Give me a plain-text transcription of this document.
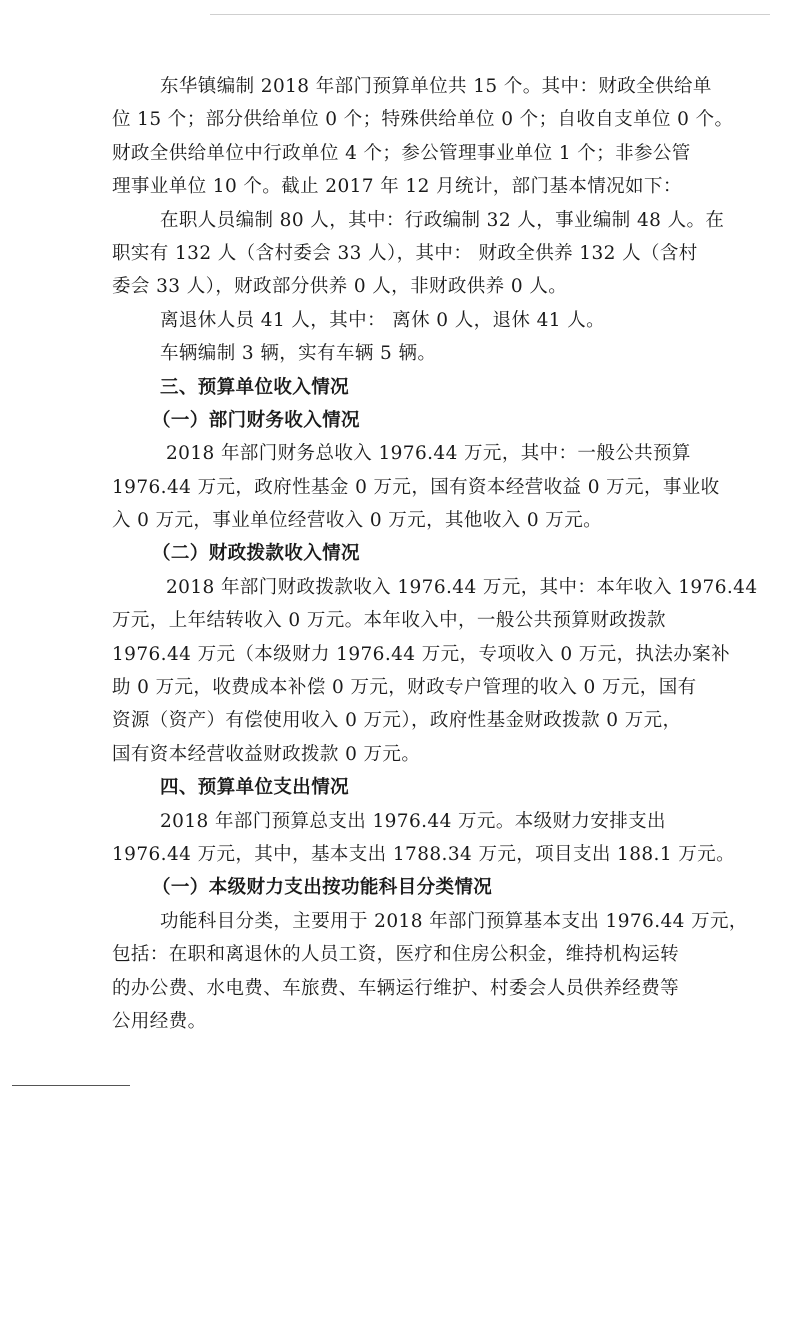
东华镇编制 2018 年部门预算单位共 15 个。其中：财政全供给单
位 15 个；部分供给单位 0 个；特殊供给单位 0 个；自收自支单位 0 个。
财政全供给单位中行政单位 4 个；参公管理事业单位 1 个；非参公管
理事业单位 10 个。截止 2017 年 12 月统计，部门基本情况如下：
在职人员编制 80 人，其中：行政编制 32 人，事业编制 48 人。在
职实有 132 人（含村委会 33 人），其中： 财政全供养 132 人（含村
委会 33 人），财政部分供养 0 人，非财政供养 0 人。
离退休人员 41 人，其中： 离休 0 人，退休 41 人。
车辆编制 3 辆，实有车辆 5 辆。
三、预算单位收入情况
（一）部门财务收入情况
2018 年部门财务总收入 1976.44 万元，其中：一般公共预算
1976.44 万元，政府性基金 0 万元，国有资本经营收益 0 万元，事业收
入 0 万元，事业单位经营收入 0 万元，其他收入 0 万元。
（二）财政拨款收入情况
2018 年部门财政拨款收入 1976.44 万元，其中：本年收入 1976.44
万元，上年结转收入 0 万元。本年收入中，一般公共预算财政拨款
1976.44 万元（本级财力 1976.44 万元，专项收入 0 万元，执法办案补
助 0 万元，收费成本补偿 0 万元，财政专户管理的收入 0 万元，国有
资源（资产）有偿使用收入 0 万元），政府性基金财政拨款 0 万元，
国有资本经营收益财政拨款 0 万元。
四、预算单位支出情况
2018 年部门预算总支出 1976.44 万元。本级财力安排支出
1976.44 万元，其中，基本支出 1788.34 万元，项目支出 188.1 万元。
（一）本级财力支出按功能科目分类情况
功能科目分类，主要用于 2018 年部门预算基本支出 1976.44 万元，
包括：在职和离退休的人员工资，医疗和住房公积金，维持机构运转
的办公费、水电费、车旅费、车辆运行维护、村委会人员供养经费等
公用经费。
